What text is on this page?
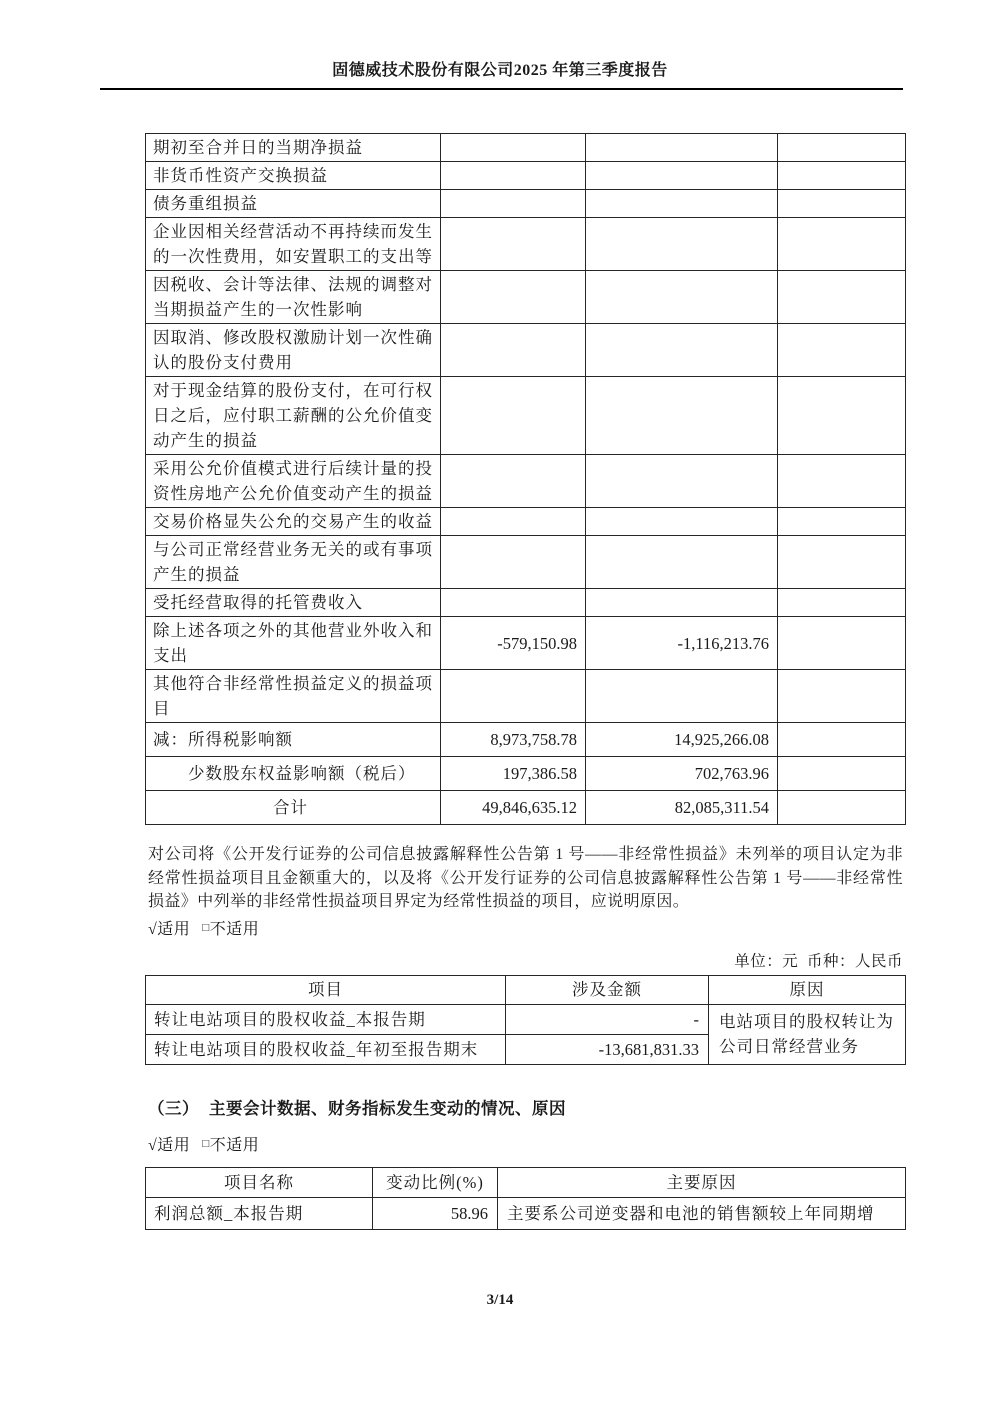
固德威技术股份有限公司2025 年第三季度报告
期初至合并日的当期净损益			
非货币性资产交换损益			
债务重组损益			
企业因相关经营活动不再持续而发生的一次性费用，如安置职工的支出等			
因税收、会计等法律、法规的调整对当期损益产生的一次性影响			
因取消、修改股权激励计划一次性确认的股份支付费用			
对于现金结算的股份支付，在可行权日之后，应付职工薪酬的公允价值变动产生的损益			
采用公允价值模式进行后续计量的投资性房地产公允价值变动产生的损益			
交易价格显失公允的交易产生的收益			
与公司正常经营业务无关的或有事项产生的损益			
受托经营取得的托管费收入			
除上述各项之外的其他营业外收入和支出	-579,150.98	-1,116,213.76	
其他符合非经常性损益定义的损益项目			
减：所得税影响额	8,973,758.78	14,925,266.08	
少数股东权益影响额（税后）	197,386.58	702,763.96	
合计	49,846,635.12	82,085,311.54	
对公司将《公开发行证券的公司信息披露解释性公告第 1 号——非经常性损益》未列举的项目认定为非经常性损益项目且金额重大的，以及将《公开发行证券的公司信息披露解释性公告第 1 号——非经常性损益》中列举的非经常性损益项目界定为经常性损益的项目，应说明原因。
√适用 □不适用
单位：元  币种：人民币
项目	涉及金额	原因
转让电站项目的股权收益_本报告期	-	电站项目的股权转让为公司日常经营业务
转让电站项目的股权收益_年初至报告期末	-13,681,831.33	
（三） 主要会计数据、财务指标发生变动的情况、原因
√适用 □不适用
项目名称	变动比例(%)	主要原因
利润总额_本报告期	58.96	主要系公司逆变器和电池的销售额较上年同期增
3/14
